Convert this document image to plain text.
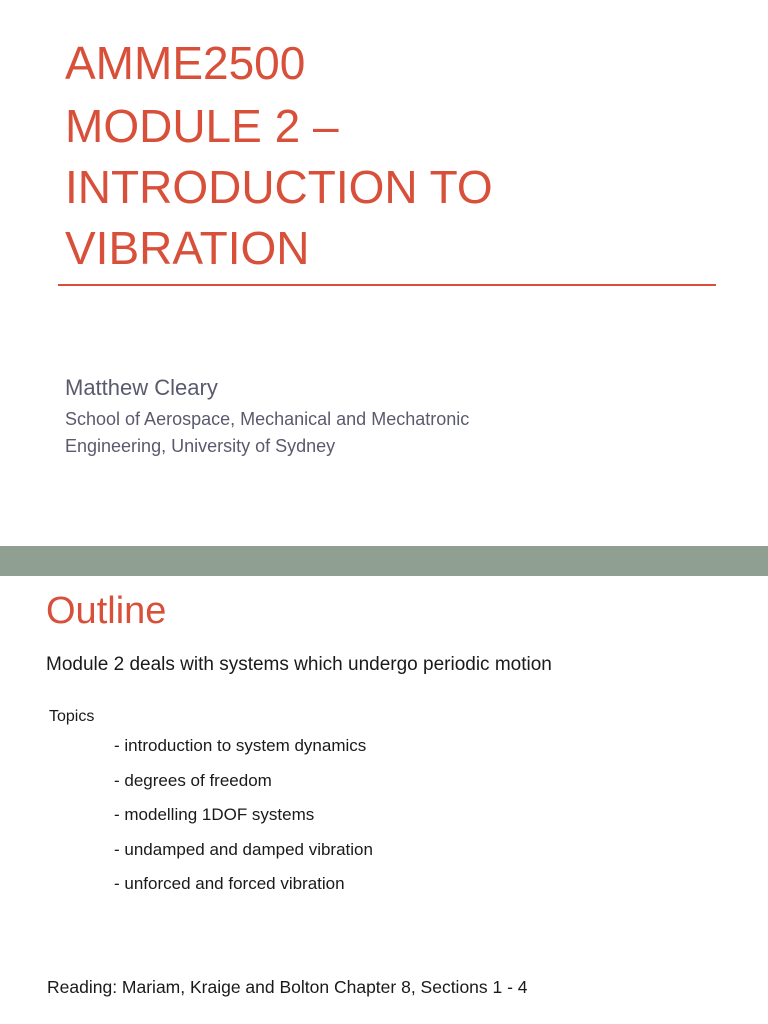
AMME2500
MODULE 2 –
INTRODUCTION TO
VIBRATION
Matthew Cleary
School of Aerospace, Mechanical and Mechatronic
Engineering, University of Sydney
Outline
Module 2 deals with systems which undergo periodic motion
Topics
- introduction to system dynamics
- degrees of freedom
- modelling 1DOF systems
- undamped and damped vibration
- unforced and forced vibration
Reading: Mariam, Kraige and Bolton Chapter 8, Sections 1 - 4
